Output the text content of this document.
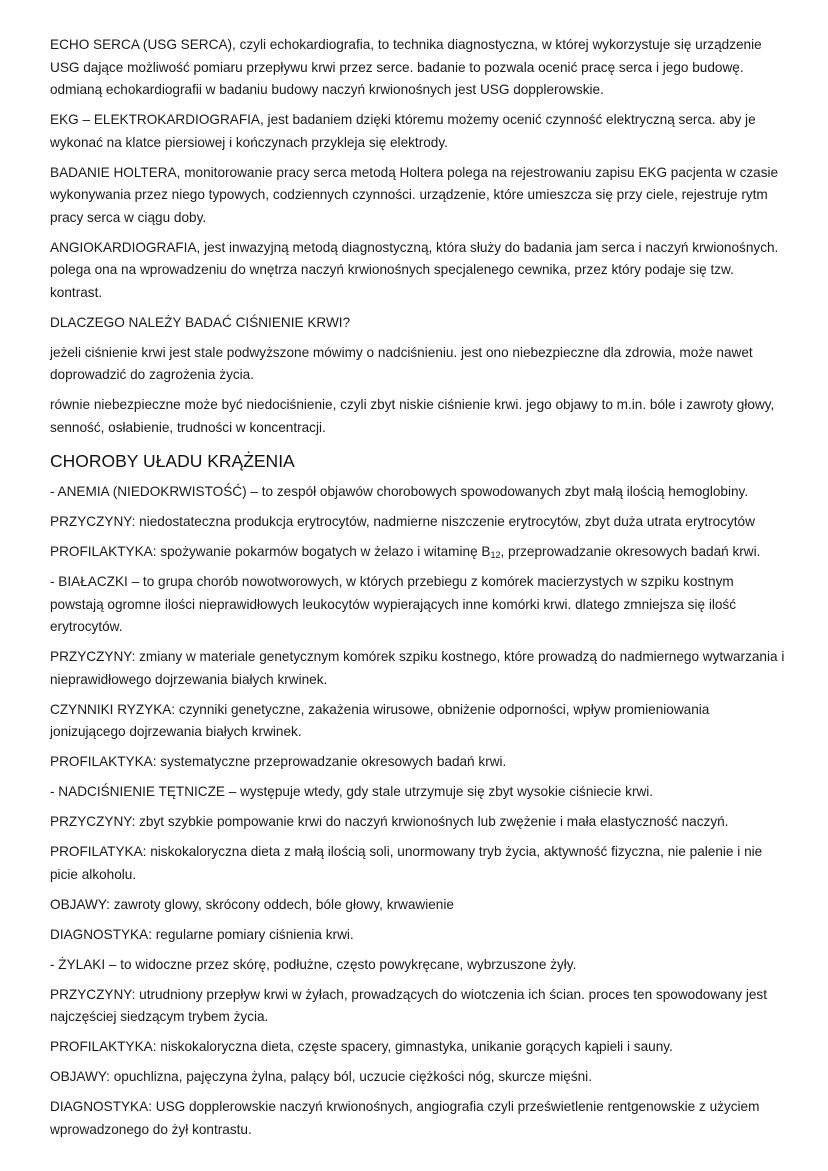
ECHO SERCA (USG SERCA), czyli echokardiografia, to technika diagnostyczna, w której wykorzystuje się urządzenie USG dające możliwość pomiaru przepływu krwi przez serce. badanie to pozwala ocenić pracę serca i jego budowę. odmianą echokardiografii w badaniu budowy naczyń krwionośnych jest USG dopplerowskie.

EKG – ELEKTROKARDIOGRAFIA, jest badaniem dzięki któremu możemy ocenić czynność elektryczną serca. aby je wykonać na klatce piersiowej i kończynach przykleja się elektrody.

BADANIE HOLTERA, monitorowanie pracy serca metodą Holtera polega na rejestrowaniu zapisu EKG pacjenta w czasie wykonywania przez niego typowych, codziennych czynności. urządzenie, które umieszcza się przy ciele, rejestruje rytm pracy serca w ciągu doby.

ANGIOKARDIOGRAFIA, jest inwazyjną metodą diagnostyczną, która służy do badania jam serca i naczyń krwionośnych. polega ona na wprowadzeniu do wnętrza naczyń krwionośnych specjalenego cewnika, przez który podaje się tzw. kontrast.

DLACZEGO NALEŻY BADAĆ CIŚNIENIE KRWI?

jeżeli ciśnienie krwi jest stale podwyższone mówimy o nadciśnieniu. jest ono niebezpieczne dla zdrowia, może nawet doprowadzić do zagrożenia życia.

równie niebezpieczne może być niedociśnienie, czyli zbyt niskie ciśnienie krwi. jego objawy to m.in. bóle i zawroty głowy, senność, osłabienie, trudności w koncentracji.

CHOROBY UŁADU KRĄŻENIA

- ANEMIA (NIEDOKRWISTOŚĆ) – to zespół objawów chorobowych spowodowanych zbyt małą ilością hemoglobiny.

PRZYCZYNY: niedostateczna produkcja erytrocytów, nadmierne niszczenie erytrocytów, zbyt duża utrata erytrocytów

PROFILAKTYKA: spożywanie pokarmów bogatych w żelazo i witaminę $B_{12}$, przeprowadzanie okresowych badań krwi.

- BIAŁACZKI – to grupa chorób nowotworowych, w których przebiegu z komórek macierzystych w szpiku kostnym powstają ogromne ilości nieprawidłowych leukocytów wypierających inne komórki krwi. dlatego zmniejsza się ilość erytrocytów.

PRZYCZYNY: zmiany w materiale genetycznym komórek szpiku kostnego, które prowadzą do nadmiernego wytwarzania i nieprawidłowego dojrzewania białych krwinek.

CZYNNIKI RYZYKA: czynniki genetyczne, zakażenia wirusowe, obniżenie odporności, wpływ promieniowania jonizującego dojrzewania białych krwinek.

PROFILAKTYKA: systematyczne przeprowadzanie okresowych badań krwi.

- NADCIŚNIENIE TĘTNICZE – występuje wtedy, gdy stale utrzymuje się zbyt wysokie ciśniecie krwi.

PRZYCZYNY: zbyt szybkie pompowanie krwi do naczyń krwionośnych lub zwężenie i mała elastyczność naczyń.

PROFILATYKA: niskokaloryczna dieta z małą ilością soli, unormowany tryb życia, aktywność fizyczna, nie palenie i nie picie alkoholu.

OBJAWY: zawroty glowy, skrócony oddech, bóle głowy, krwawienie

DIAGNOSTYKA: regularne pomiary ciśnienia krwi.

- ŻYLAKI – to widoczne przez skórę, podłużne, często powykręcane, wybrzuszone żyły.

PRZYCZYNY: utrudniony przepływ krwi w żyłach, prowadzących do wiotczenia ich ścian. proces ten spowodowany jest najczęściej siedzącym trybem życia.

PROFILAKTYKA: niskokaloryczna dieta, częste spacery, gimnastyka, unikanie gorących kąpieli i sauny.

OBJAWY: opuchlizna, pajęczyna żylna, palący ból, uczucie ciężkości nóg, skurcze mięśni.

DIAGNOSTYKA: USG dopplerowskie naczyń krwionośnych, angiografia czyli prześwietlenie rentgenowskie z użyciem wprowadzonego do żył kontrastu.
